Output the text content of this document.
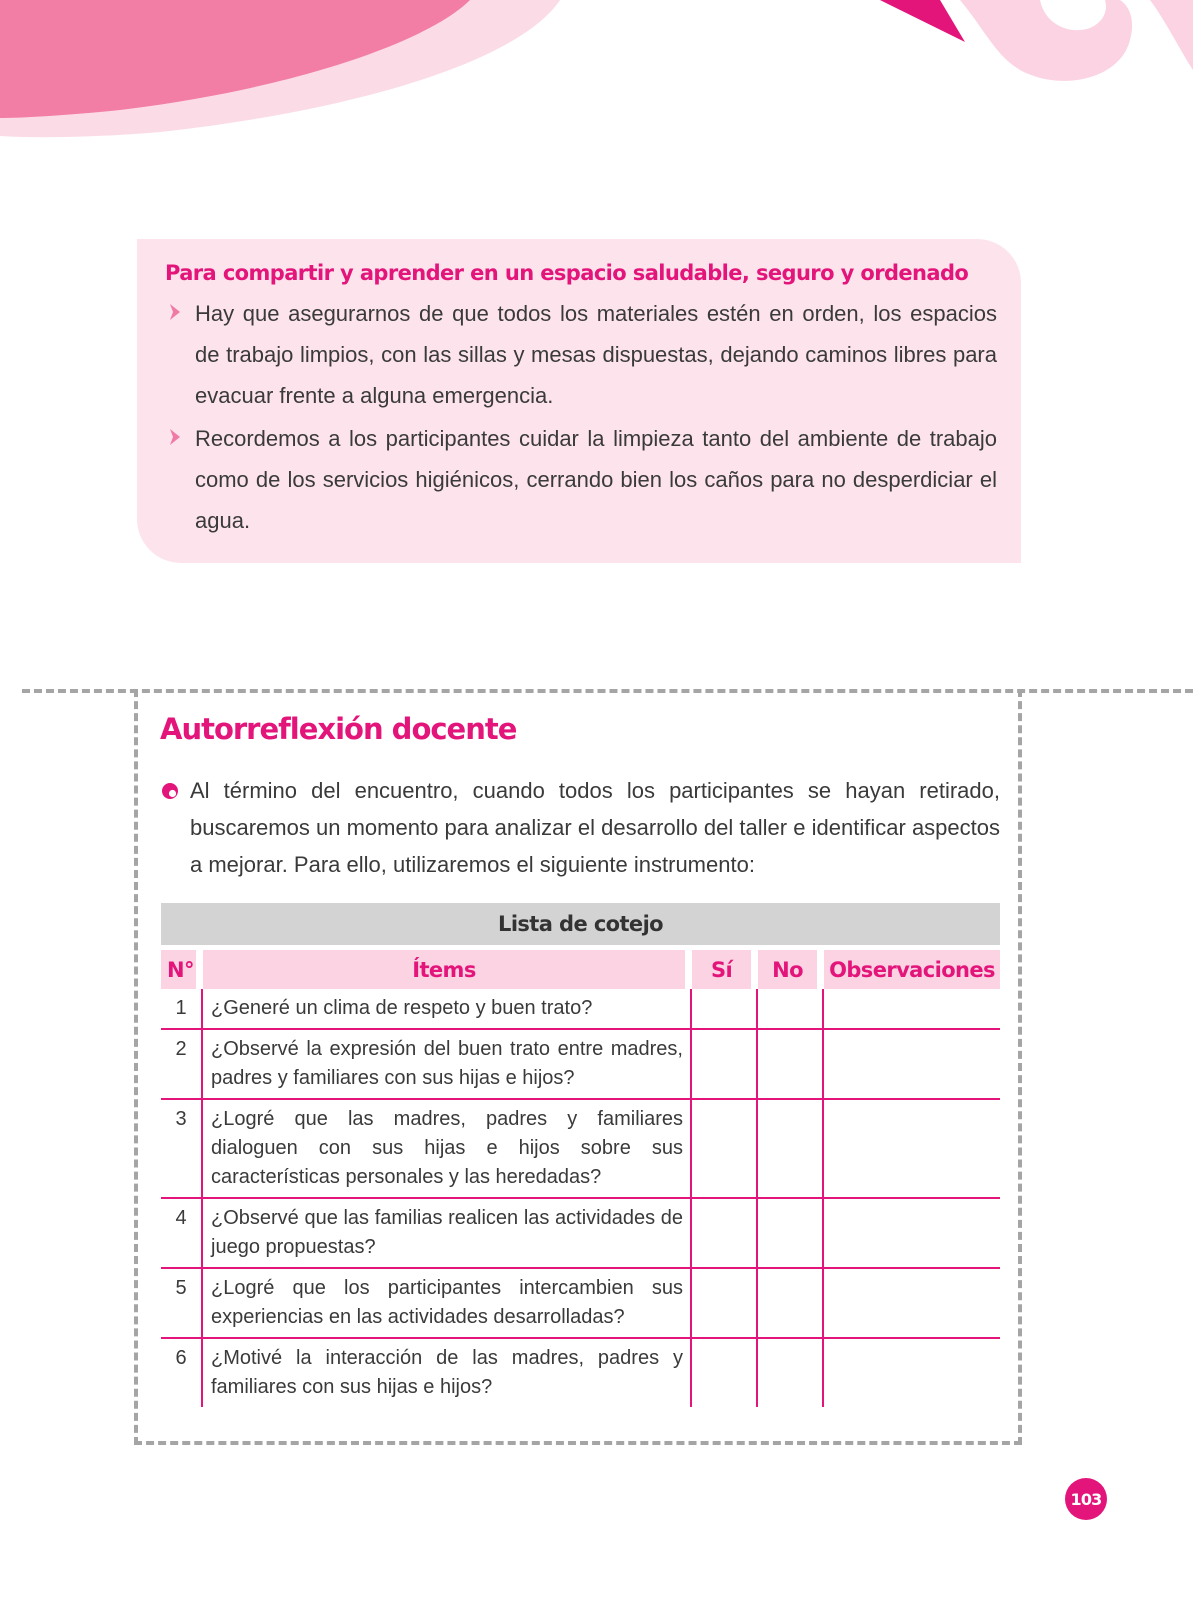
Para compartir y aprender en un espacio saludable, seguro y ordenado

Hay que asegurarnos de que todos los materiales estén en orden, los espacios de trabajo limpios, con las sillas y mesas dispuestas, dejando caminos libres para evacuar frente a alguna emergencia.

Recordemos a los participantes cuidar la limpieza tanto del ambiente de trabajo como de los servicios higiénicos, cerrando bien los caños para no desperdiciar el agua.

Autorreflexión docente

Al término del encuentro, cuando todos los participantes se hayan retirado, buscaremos un momento para analizar el desarrollo del taller e identificar aspectos a mejorar. Para ello, utilizaremos el siguiente instrumento:

Lista de cotejo				

N°	Ítems	Sí	No	Observaciones
1	¿Generé un clima de respeto y buen trato?			
2	¿Observé la expresión del buen trato entre madres, padres y familiares con sus hijas e hijos?			
3	¿Logré que las madres, padres y familiares dialoguen con sus hijas e hijos sobre sus características personales y las heredadas?			
4	¿Observé que las familias realicen las actividades de juego propuestas?			
5	¿Logré que los participantes intercambien sus experiencias en las actividades desarrolladas?			
6	¿Motivé la interacción de las madres, padres y familiares con sus hijas e hijos?			
103
